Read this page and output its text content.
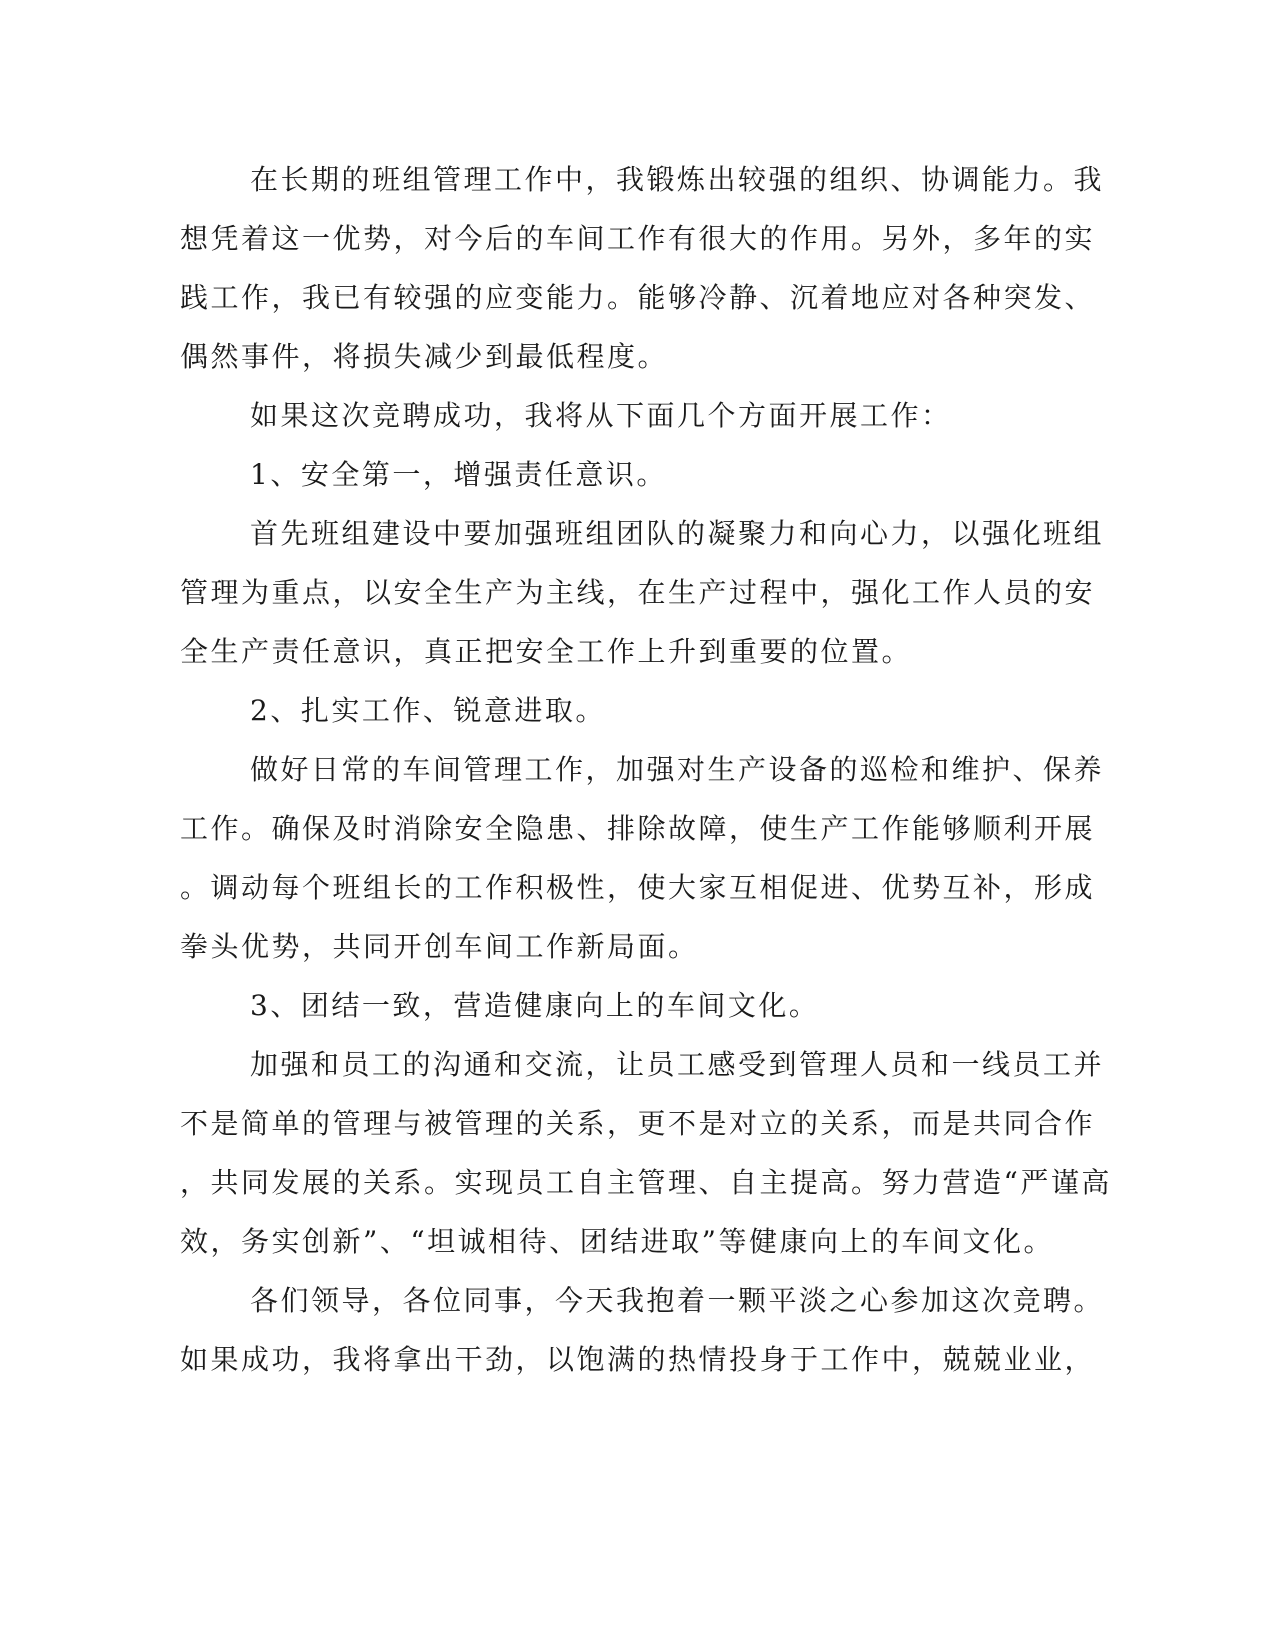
在长期的班组管理工作中，我锻炼出较强的组织、协调能力。我
想凭着这一优势，对今后的车间工作有很大的作用。另外，多年的实
践工作，我已有较强的应变能力。能够冷静、沉着地应对各种突发、
偶然事件，将损失减少到最低程度。
如果这次竞聘成功，我将从下面几个方面开展工作：
1、安全第一，增强责任意识。
首先班组建设中要加强班组团队的凝聚力和向心力，以强化班组
管理为重点，以安全生产为主线，在生产过程中，强化工作人员的安
全生产责任意识，真正把安全工作上升到重要的位置。
2、扎实工作、锐意进取。
做好日常的车间管理工作，加强对生产设备的巡检和维护、保养
工作。确保及时消除安全隐患、排除故障，使生产工作能够顺利开展
。调动每个班组长的工作积极性，使大家互相促进、优势互补，形成
拳头优势，共同开创车间工作新局面。
3、团结一致，营造健康向上的车间文化。
加强和员工的沟通和交流，让员工感受到管理人员和一线员工并
不是简单的管理与被管理的关系，更不是对立的关系，而是共同合作
，共同发展的关系。实现员工自主管理、自主提高。努力营造“严谨高
效，务实创新”、“坦诚相待、团结进取”等健康向上的车间文化。
各们领导，各位同事，今天我抱着一颗平淡之心参加这次竞聘。
如果成功，我将拿出干劲，以饱满的热情投身于工作中，兢兢业业，
